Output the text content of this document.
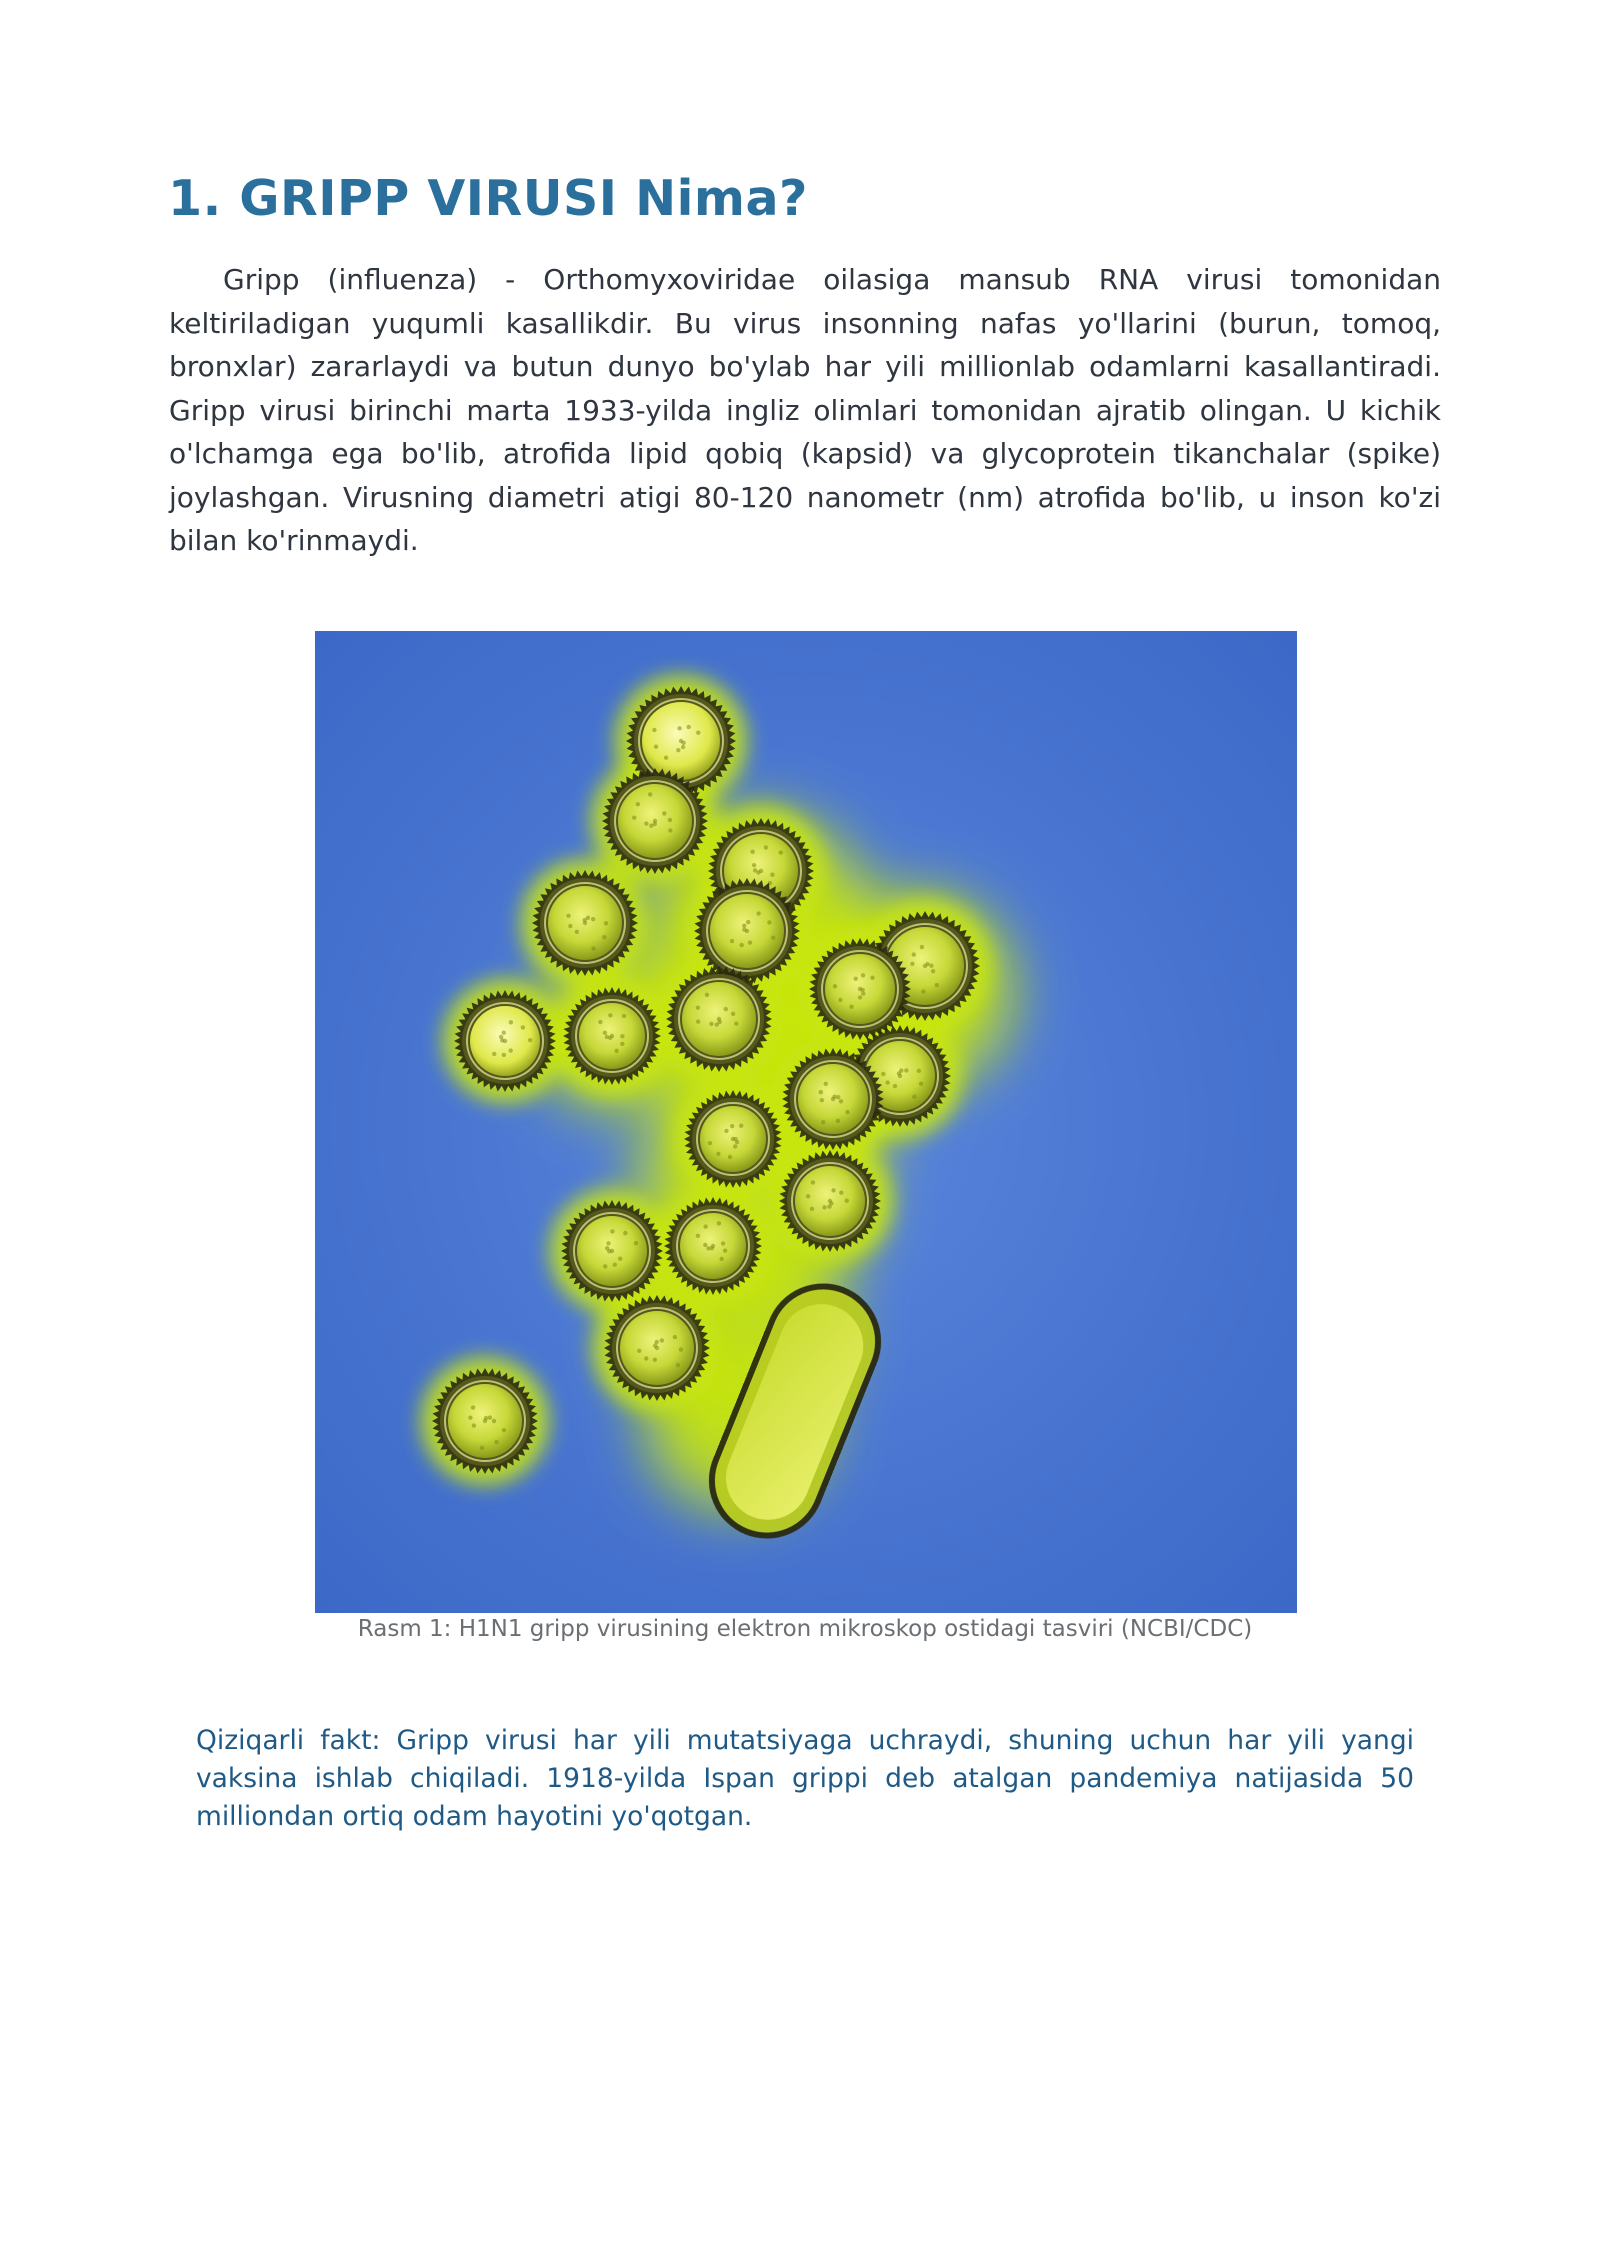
1. GRIPP VIRUSI Nima?

Gripp (influenza) - Orthomyxoviridae oilasiga mansub RNA virusi tomonidan keltiriladigan yuqumli kasallikdir. Bu virus insonning nafas yo'llarini (burun, tomoq, bronxlar) zararlaydi va butun dunyo bo'ylab har yili millionlab odamlarni kasallantiradi. Gripp virusi birinchi marta 1933-yilda ingliz olimlari tomonidan ajratib olingan. U kichik o'lchamga ega bo'lib, atrofida lipid qobiq (kapsid) va glycoprotein tikanchalar (spike) joylashgan. Virusning diametri atigi 80-120 nanometr (nm) atrofida bo'lib, u inson ko'zi bilan ko'rinmaydi.

Rasm 1: H1N1 gripp virusining elektron mikroskop ostidagi tasviri (NCBI/CDC)

Qiziqarli fakt: Gripp virusi har yili mutatsiyaga uchraydi, shuning uchun har yili yangi vaksina ishlab chiqiladi. 1918-yilda Ispan grippi deb atalgan pandemiya natijasida 50 milliondan ortiq odam hayotini yo'qotgan.
